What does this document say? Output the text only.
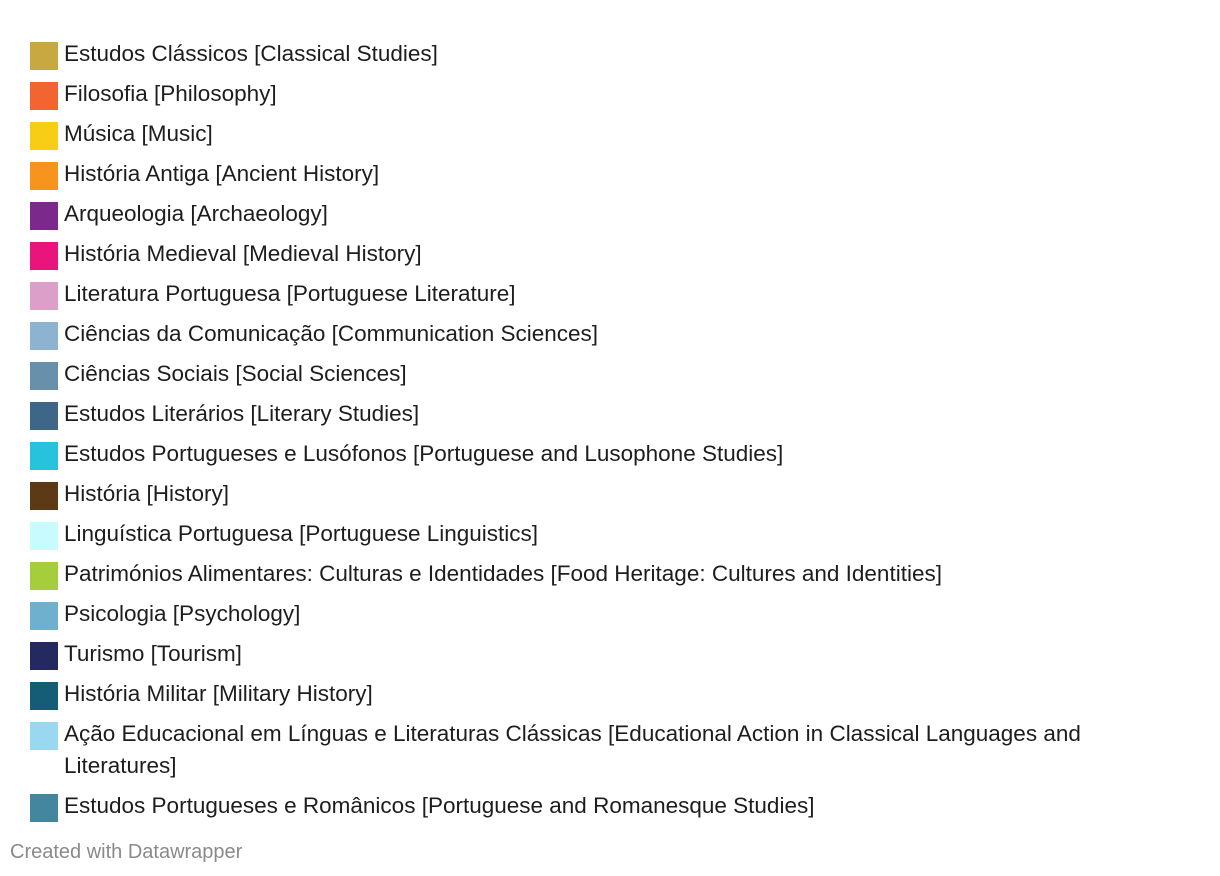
Estudos Clássicos [Classical Studies]
Filosofia [Philosophy]
Música [Music]
História Antiga [Ancient History]
Arqueologia [Archaeology]
História Medieval [Medieval History]
Literatura Portuguesa [Portuguese Literature]
Ciências da Comunicação [Communication Sciences]
Ciências Sociais [Social Sciences]
Estudos Literários [Literary Studies]
Estudos Portugueses e Lusófonos [Portuguese and Lusophone Studies]
História [History]
Linguística Portuguesa [Portuguese Linguistics]
Patrimónios Alimentares: Culturas e Identidades [Food Heritage: Cultures and Identities]
Psicologia [Psychology]
Turismo [Tourism]
História Militar [Military History]
Ação Educacional em Línguas e Literaturas Clássicas [Educational Action in Classical Languages and Literatures]
Estudos Portugueses e Românicos [Portuguese and Romanesque Studies]
Created with Datawrapper
